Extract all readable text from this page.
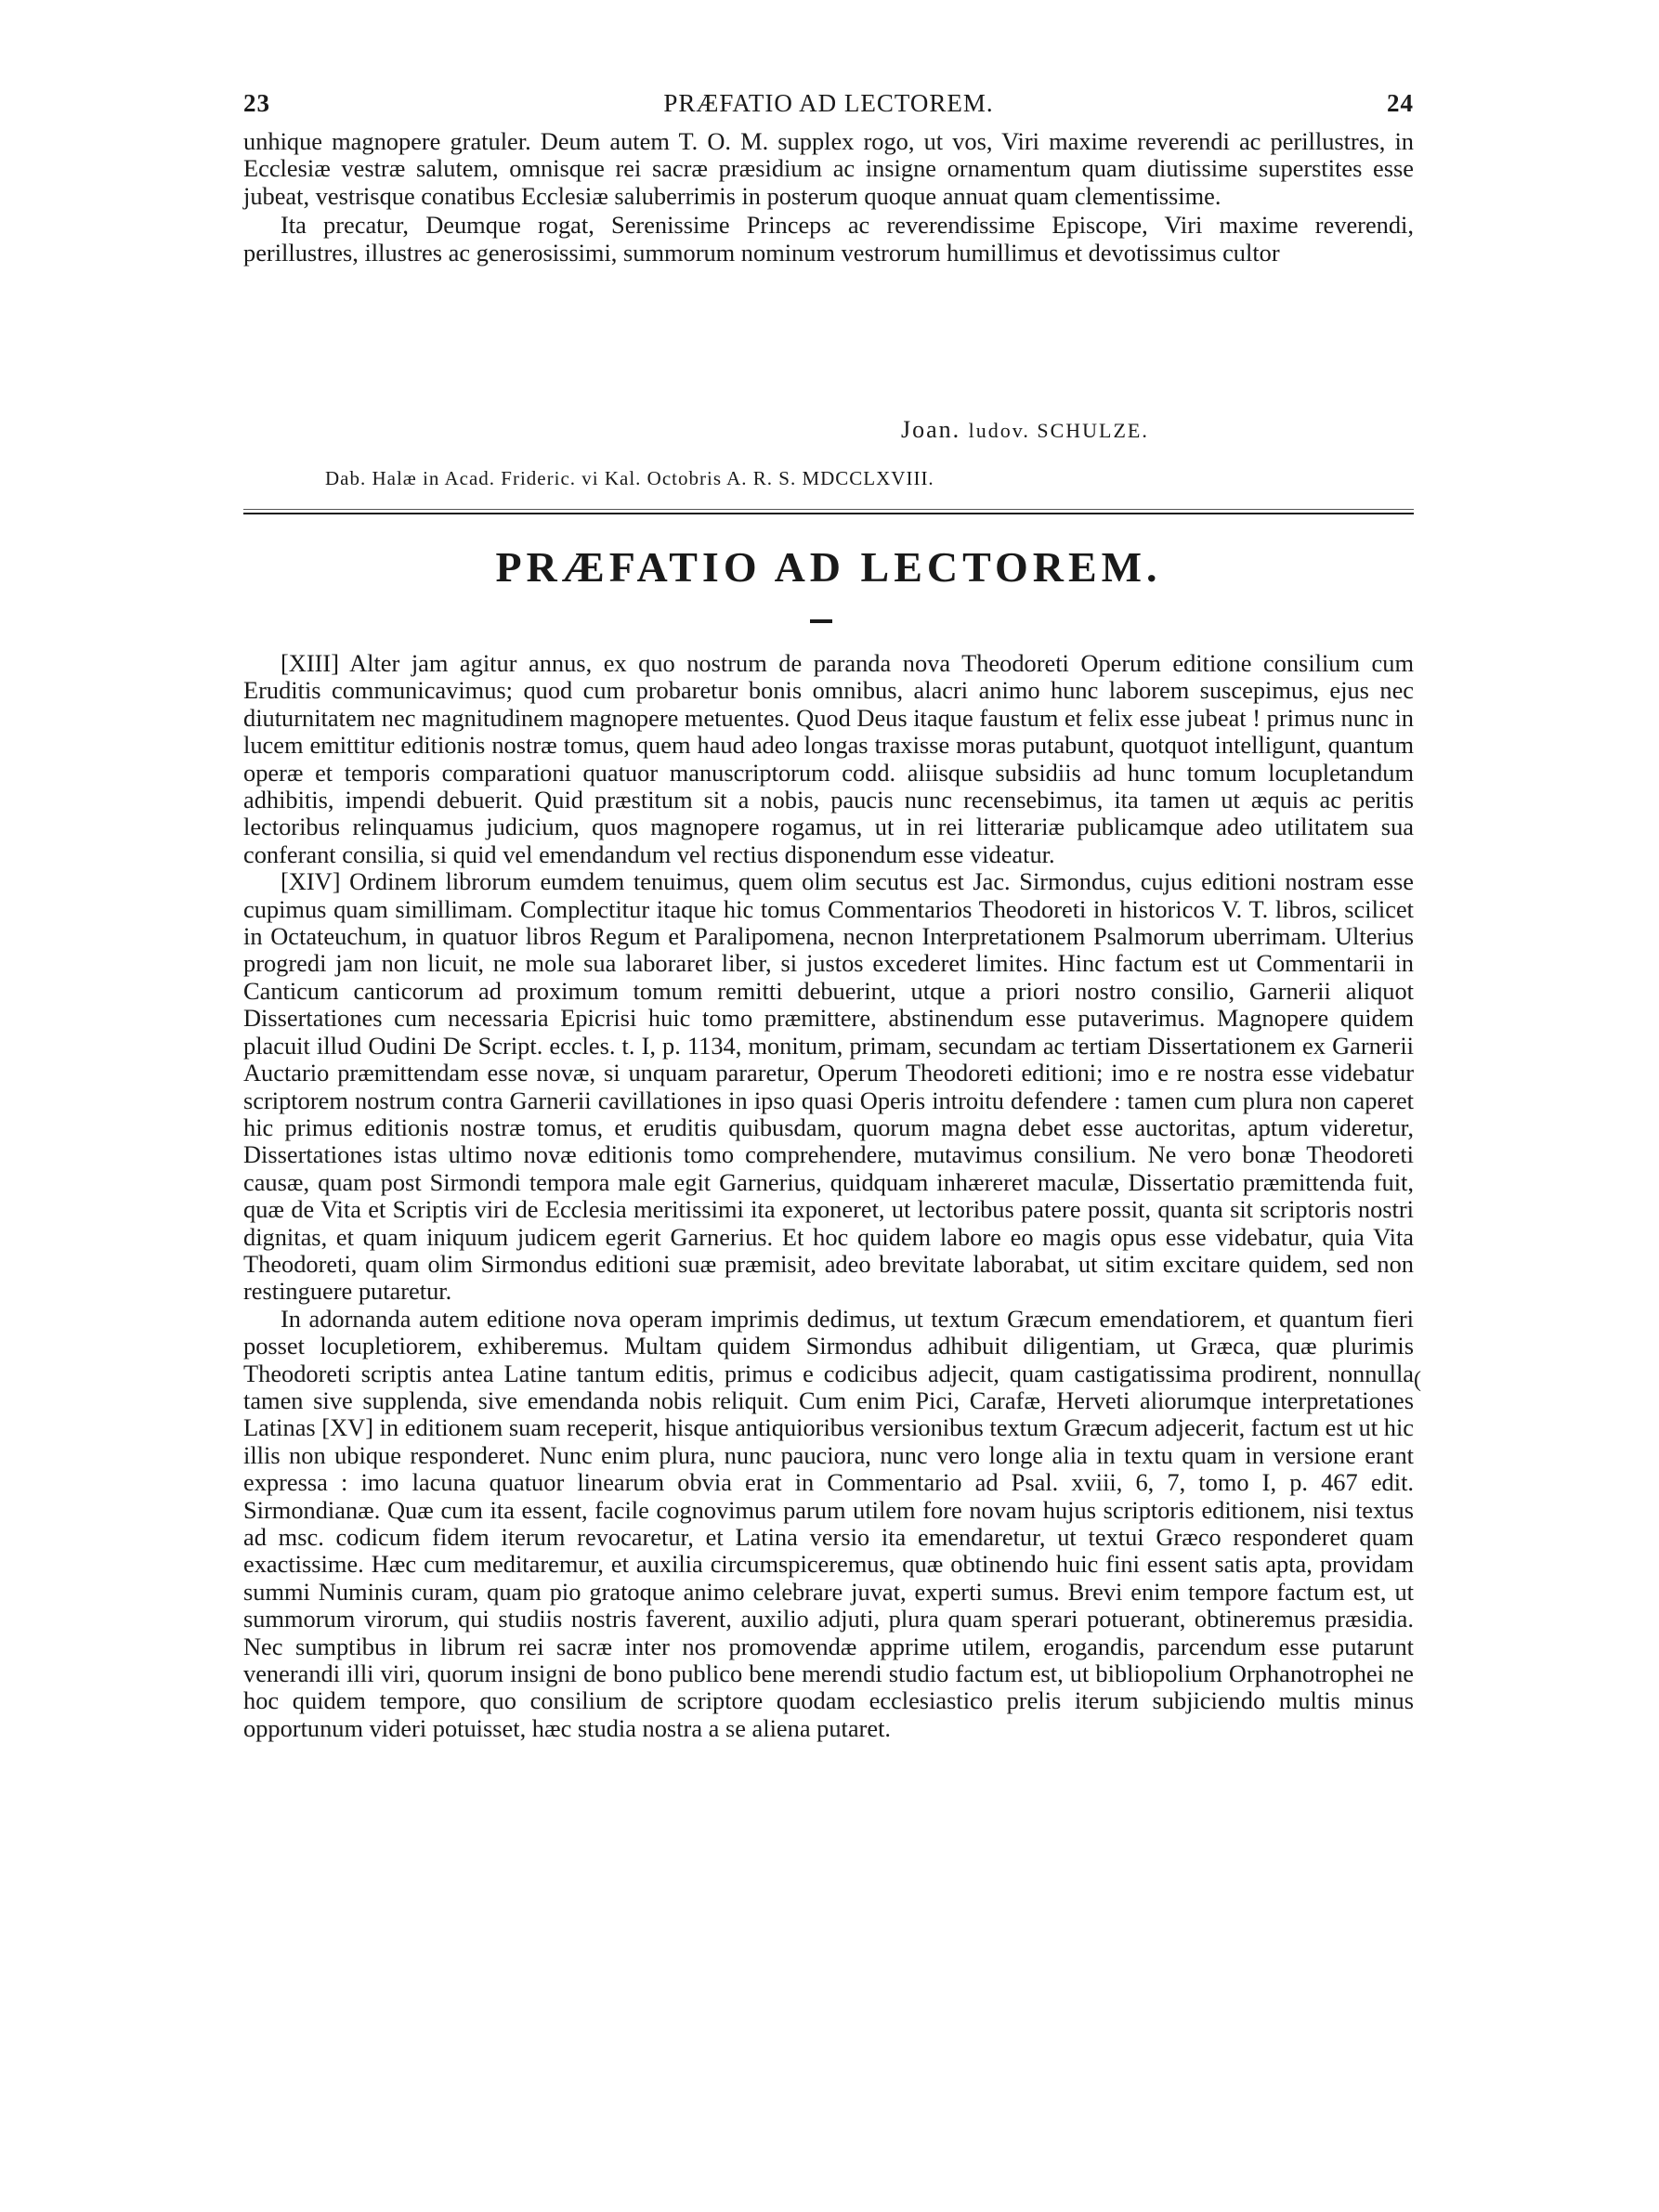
23	PRÆFATIO AD LECTOREM.	24

unhique magnopere gratuler. Deum autem T. O. M. supplex rogo, ut vos, Viri maxime reverendi ac perillustres, in Ecclesiæ vestræ salutem, omnisque rei sacræ præsidium ac insigne ornamentum quam diutissime superstites esse jubeat, vestrisque conatibus Ecclesiæ saluberrimis in posterum quoque annuat quam clementissime.

Ita precatur, Deumque rogat, Serenissime Princeps ac reverendissime Episcope, Viri maxime reverendi, perillustres, illustres ac generosissimi, summorum nominum vestrorum humillimus et devotissimus cultor

Joan. ludov. SCHULZE.
Dab. Halæ in Acad. Frideric. vi Kal. Octobris A. R. S. MDCCLXVIII.
PRÆFATIO AD LECTOREM.

[XIII] Alter jam agitur annus, ex quo nostrum de paranda nova Theodoreti Operum editione consilium cum Eruditis communicavimus; quod cum probaretur bonis omnibus, alacri animo hunc laborem suscepimus, ejus nec diuturnitatem nec magnitudinem magnopere metuentes. Quod Deus itaque faustum et felix esse jubeat ! primus nunc in lucem emittitur editionis nostræ tomus, quem haud adeo longas traxisse moras putabunt, quotquot intelligunt, quantum operæ et temporis comparationi quatuor manuscriptorum codd. aliisque subsidiis ad hunc tomum locupletandum adhibitis, impendi debuerit. Quid præstitum sit a nobis, paucis nunc recensebimus, ita tamen ut æquis ac peritis lectoribus relinquamus judicium, quos magnopere rogamus, ut in rei litterariæ publicamque adeo utilitatem sua conferant consilia, si quid vel emendandum vel rectius disponendum esse videatur.

[XIV] Ordinem librorum eumdem tenuimus, quem olim secutus est Jac. Sirmondus, cujus editioni nostram esse cupimus quam simillimam. Complectitur itaque hic tomus Commentarios Theodoreti in historicos V. T. libros, scilicet in Octateuchum, in quatuor libros Regum et Paralipomena, necnon Interpretationem Psalmorum uberrimam. Ulterius progredi jam non licuit, ne mole sua laboraret liber, si justos excederet limites. Hinc factum est ut Commentarii in Canticum canticorum ad proximum tomum remitti debuerint, utque a priori nostro consilio, Garnerii aliquot Dissertationes cum necessaria Epicrisi huic tomo præmittere, abstinendum esse putaverimus. Magnopere quidem placuit illud Oudini De Script. eccles. t. I, p. 1134, monitum, primam, secundam ac tertiam Dissertationem ex Garnerii Auctario præmittendam esse novæ, si unquam pararetur, Operum Theodoreti editioni; imo e re nostra esse videbatur scriptorem nostrum contra Garnerii cavillationes in ipso quasi Operis introitu defendere : tamen cum plura non caperet hic primus editionis nostræ tomus, et eruditis quibusdam, quorum magna debet esse auctoritas, aptum videretur, Dissertationes istas ultimo novæ editionis tomo comprehendere, mutavimus consilium. Ne vero bonæ Theodoreti causæ, quam post Sirmondi tempora male egit Garnerius, quidquam inhæreret maculæ, Dissertatio præmittenda fuit, quæ de Vita et Scriptis viri de Ecclesia meritissimi ita exponeret, ut lectoribus patere possit, quanta sit scriptoris nostri dignitas, et quam iniquum judicem egerit Garnerius. Et hoc quidem labore eo magis opus esse videbatur, quia Vita Theodoreti, quam olim Sirmondus editioni suæ præmisit, adeo brevitate laborabat, ut sitim excitare quidem, sed non restinguere putaretur.

In adornanda autem editione nova operam imprimis dedimus, ut textum Græcum emendatiorem, et quantum fieri posset locupletiorem, exhiberemus. Multam quidem Sirmondus adhibuit diligentiam, ut Græca, quæ plurimis Theodoreti scriptis antea Latine tantum editis, primus e codicibus adjecit, quam castigatissima prodirent, nonnulla tamen sive supplenda, sive emendanda nobis reliquit. Cum enim Pici, Carafæ, Herveti aliorumque interpretationes Latinas [XV] in editionem suam receperit, hisque antiquioribus versionibus textum Græcum adjecerit, factum est ut hic illis non ubique responderet. Nunc enim plura, nunc pauciora, nunc vero longe alia in textu quam in versione erant expressa : imo lacuna quatuor linearum obvia erat in Commentario ad Psal. xviii, 6, 7, tomo I, p. 467 edit. Sirmondianæ. Quæ cum ita essent, facile cognovimus parum utilem fore novam hujus scriptoris editionem, nisi textus ad msc. codicum fidem iterum revocaretur, et Latina versio ita emendaretur, ut textui Græco responderet quam exactissime. Hæc cum meditaremur, et auxilia circumspiceremus, quæ obtinendo huic fini essent satis apta, providam summi Numinis curam, quam pio gratoque animo celebrare juvat, experti sumus. Brevi enim tempore factum est, ut summorum virorum, qui studiis nostris faverent, auxilio adjuti, plura quam sperari potuerant, obtineremus præsidia. Nec sumptibus in librum rei sacræ inter nos promovendæ apprime utilem, erogandis, parcendum esse putarunt venerandi illi viri, quorum insigni de bono publico bene merendi studio factum est, ut bibliopolium Orphanotrophei ne hoc quidem tempore, quo consilium de scriptore quodam ecclesiastico prelis iterum subjiciendo multis minus opportunum videri potuisset, hæc studia nostra a se aliena putaret.

(
